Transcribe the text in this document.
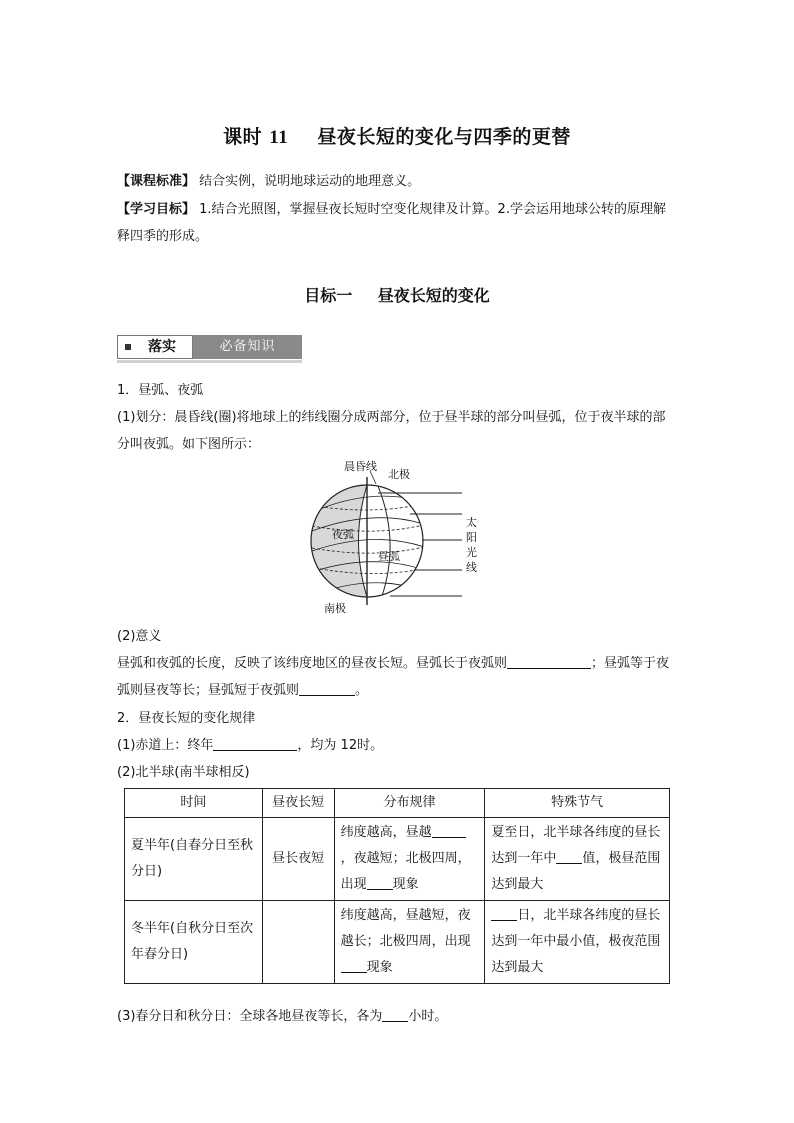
课时 11 昼夜长短的变化与四季的更替
【课程标准】 结合实例，说明地球运动的地理意义。
【学习目标】 1.结合光照图，掌握昼夜长短时空变化规律及计算。2.学会运用地球公转的原理解释四季的形成。
目标一 昼夜长短的变化
落实	必备知识
1．昼弧、夜弧
(1)划分：晨昏线(圈)将地球上的纬线圈分成两部分，位于昼半球的部分叫昼弧，位于夜半球的部分叫夜弧。如下图所示：
晨昏线
北极
夜弧
昼弧
南极
太
阳
光
线
(2)意义
昼弧和夜弧的长度，反映了该纬度地区的昼夜长短。昼弧长于夜弧则	；昼弧等于夜弧则昼夜等长；昼弧短于夜弧则	。
2．昼夜长短的变化规律
(1)赤道上：终年	，均为 12时。
(2)北半球(南半球相反)
时间	昼夜长短	分布规律	特殊节气
夏半年(自春分日至秋分日)	昼长夜短	纬度越高，昼越，夜越短；北极四周，出现 现象	夏至日，北半球各纬度的昼长达到一年中 值，极昼范围达到最大
冬半年(自秋分日至次年春分日)		纬度越高，昼越短，夜越长；北极四周，出现现象	日，北半球各纬度的昼长达到一年中最小值，极夜范围达到最大
(3)春分日和秋分日：全球各地昼夜等长，各为 小时。
